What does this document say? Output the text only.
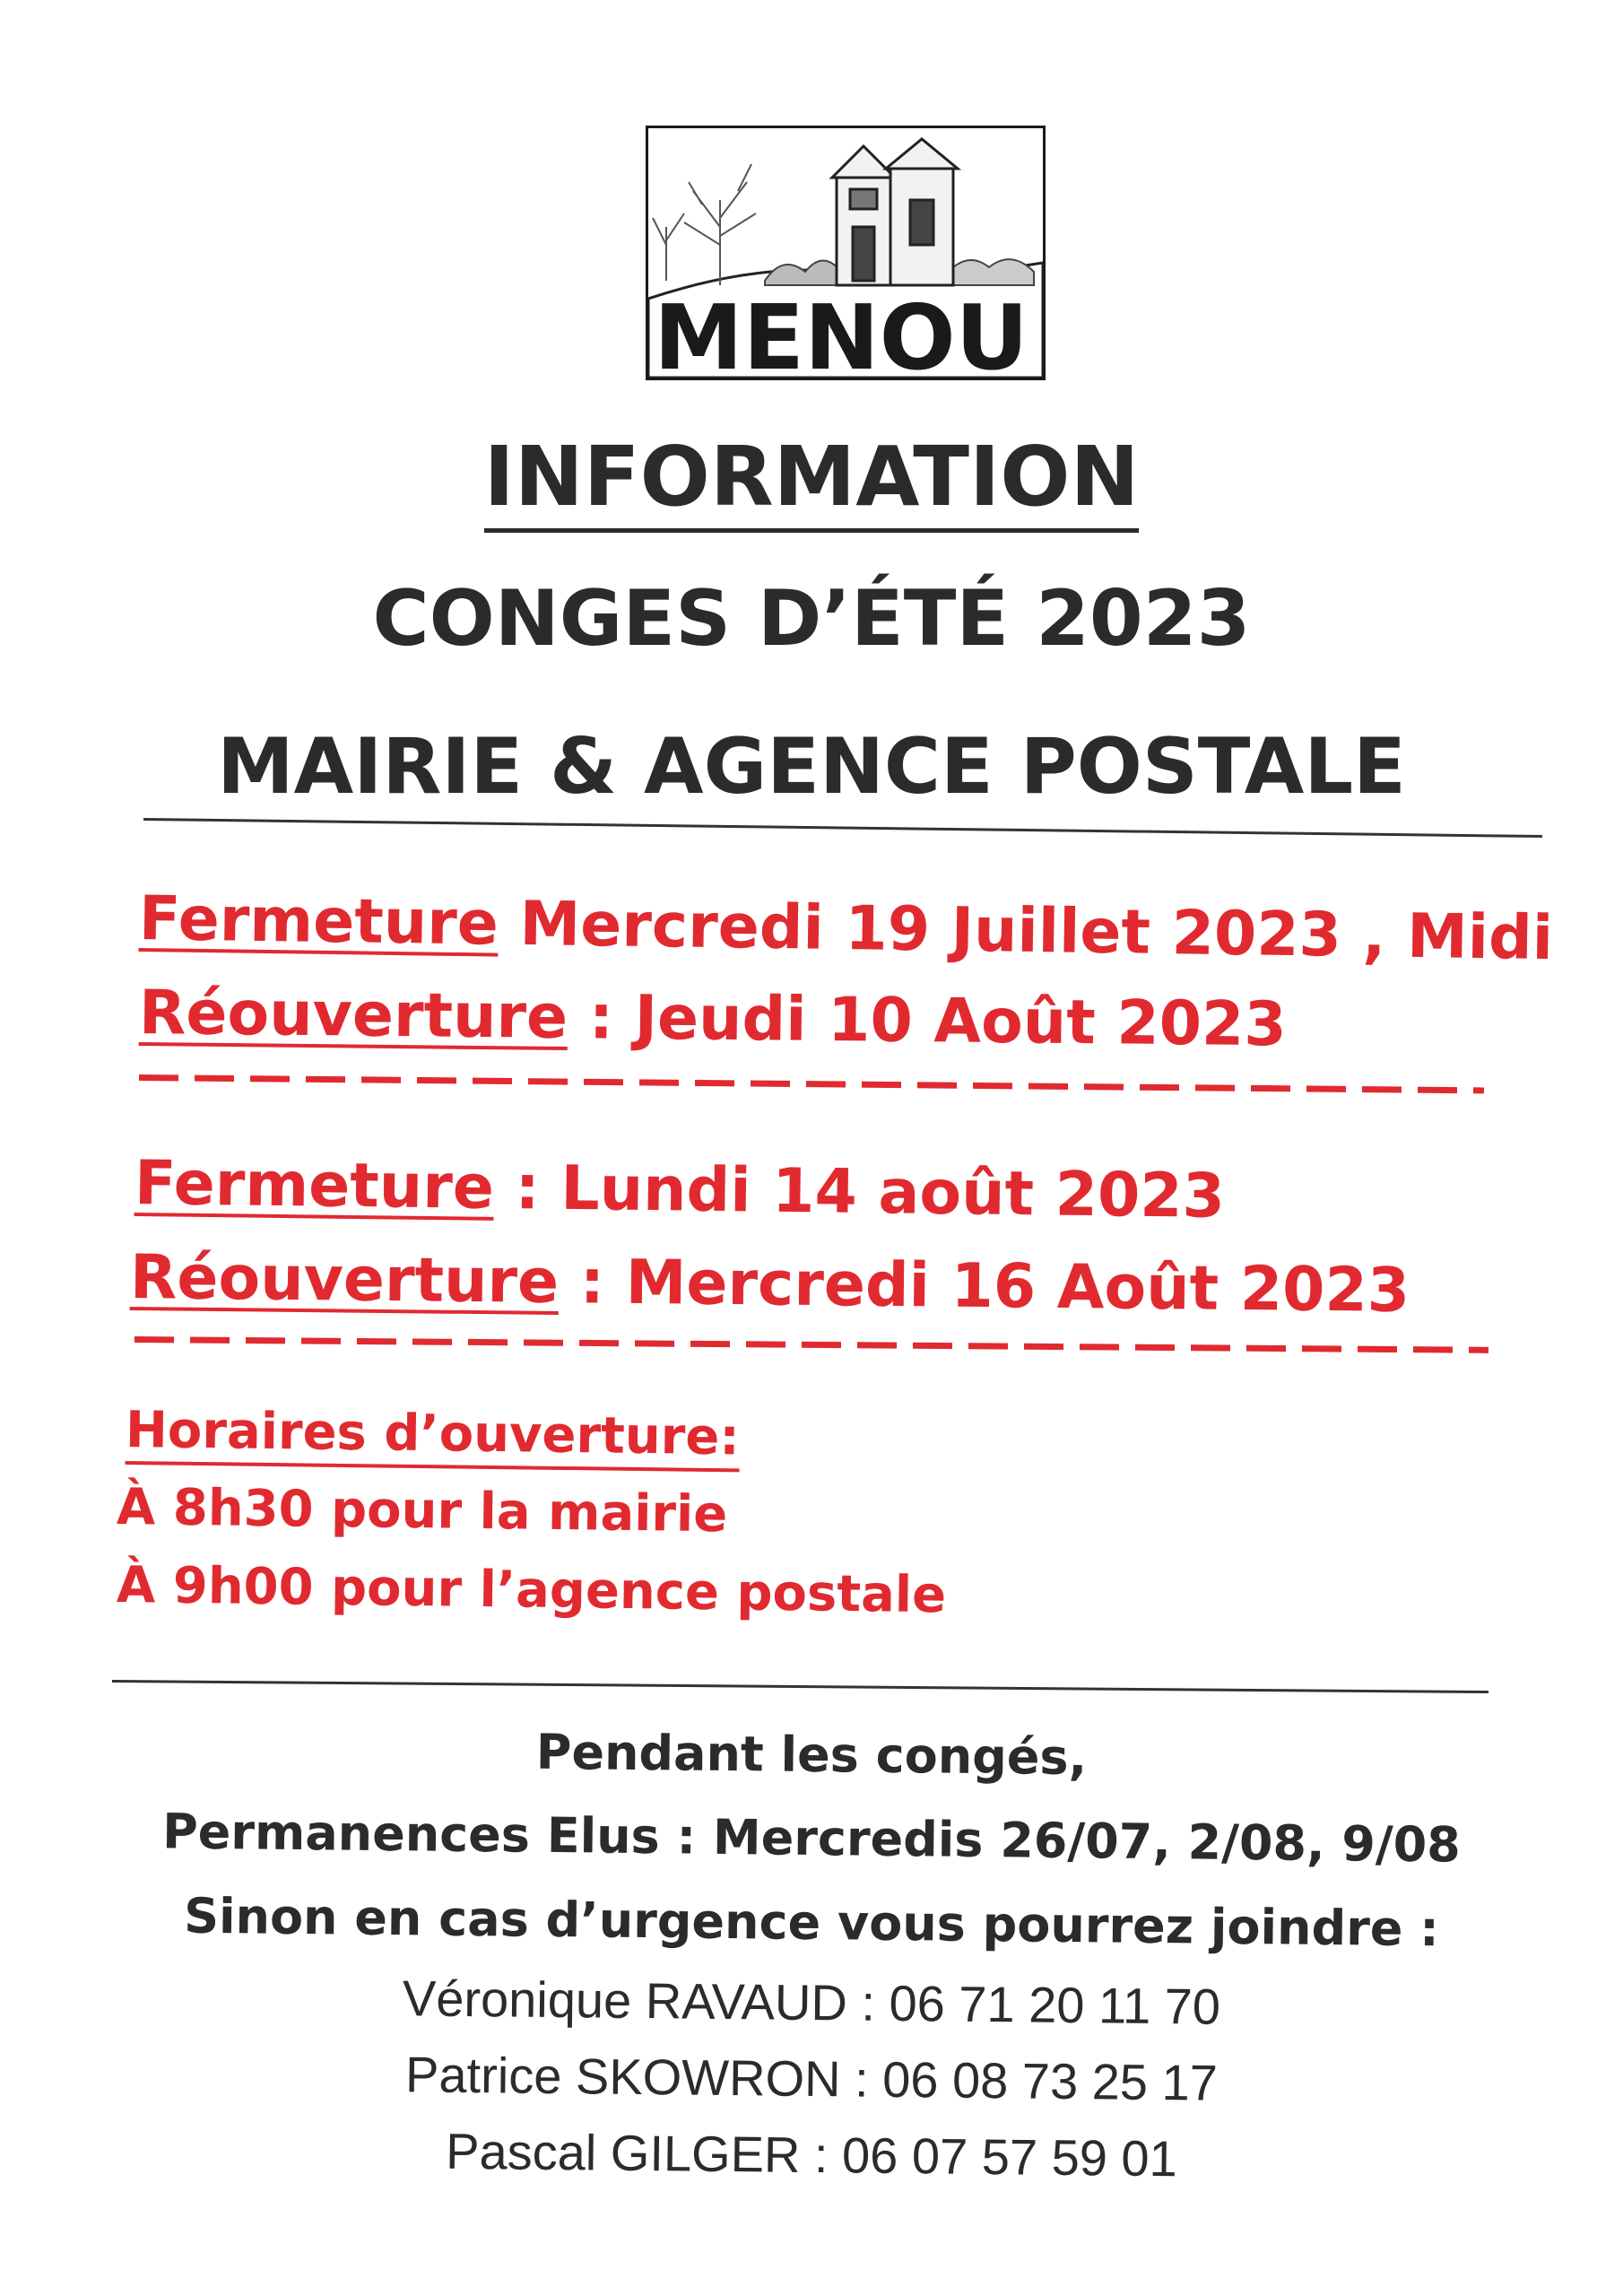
MENOU
INFORMATION
CONGES D’ÉTÉ 2023
MAIRIE & AGENCE POSTALE
Fermeture Mercredi 19 Juillet 2023 , Midi
Réouverture : Jeudi 10 Août 2023
Fermeture : Lundi 14 août 2023
Réouverture : Mercredi 16 Août 2023
Horaires d’ouverture:
À 8h30 pour la mairie
À 9h00 pour l’agence postale
Pendant les congés,
Permanences Elus : Mercredis 26/07, 2/08, 9/08
Sinon en cas d’urgence vous pourrez joindre :
Véronique RAVAUD : 06 71 20 11 70
Patrice SKOWRON : 06 08 73 25 17
Pascal GILGER : 06 07 57 59 01
